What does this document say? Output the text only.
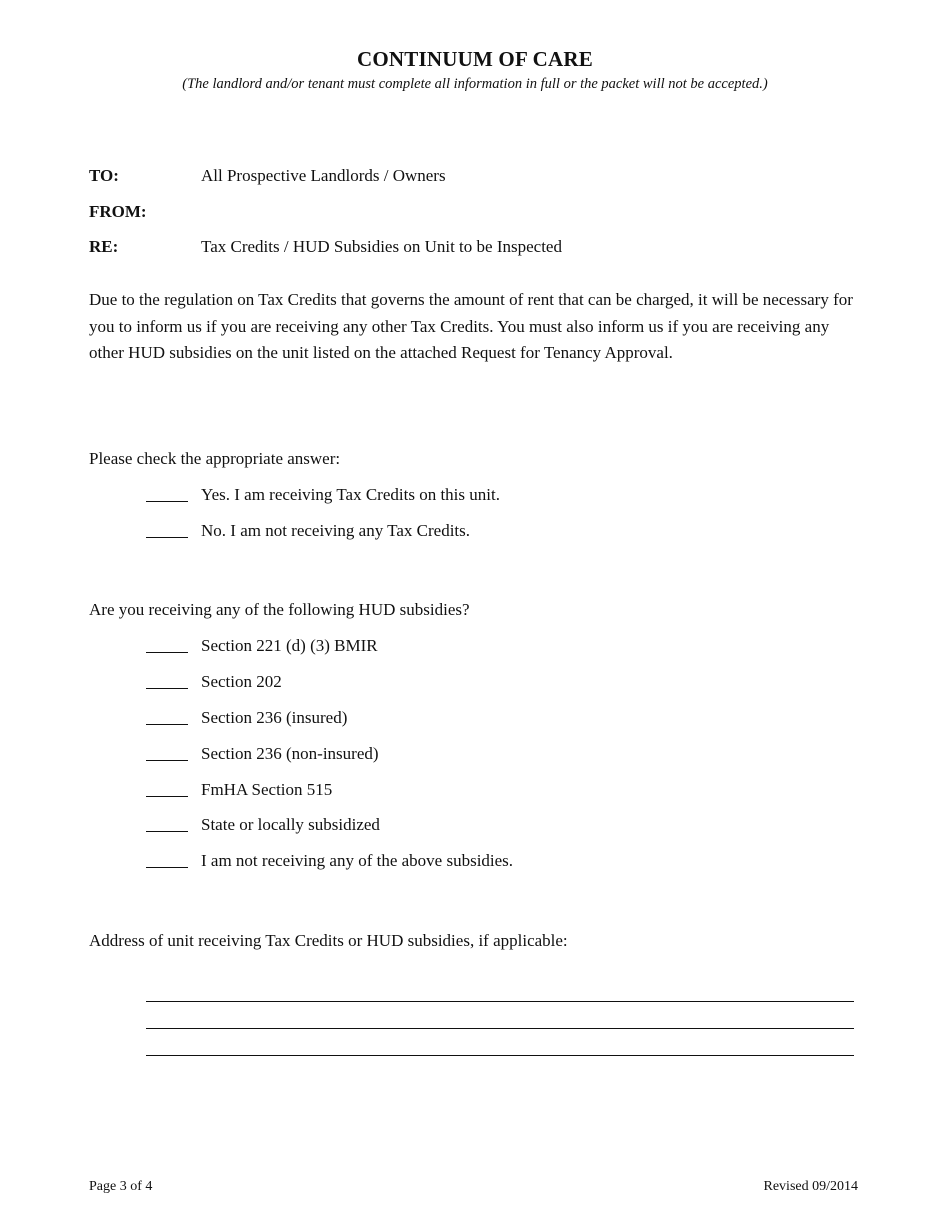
CONTINUUM OF CARE
(The landlord and/or tenant must complete all information in full or the packet will not be accepted.)
TO:	All Prospective Landlords / Owners
FROM:
RE:	Tax Credits / HUD Subsidies on Unit to be Inspected
Due to the regulation on Tax Credits that governs the amount of rent that can be charged, it will be necessary for you to inform us if you are receiving any other Tax Credits. You must also inform us if you are receiving any other HUD subsidies on the unit listed on the attached Request for Tenancy Approval.
Please check the appropriate answer:
Yes. I am receiving Tax Credits on this unit.
No. I am not receiving any Tax Credits.
Are you receiving any of the following HUD subsidies?
Section 221 (d) (3) BMIR
Section 202
Section 236 (insured)
Section 236 (non-insured)
FmHA Section 515
State or locally subsidized
I am not receiving any of the above subsidies.
Address of unit receiving Tax Credits or HUD subsidies, if applicable:
Page 3 of 4	Revised 09/2014
